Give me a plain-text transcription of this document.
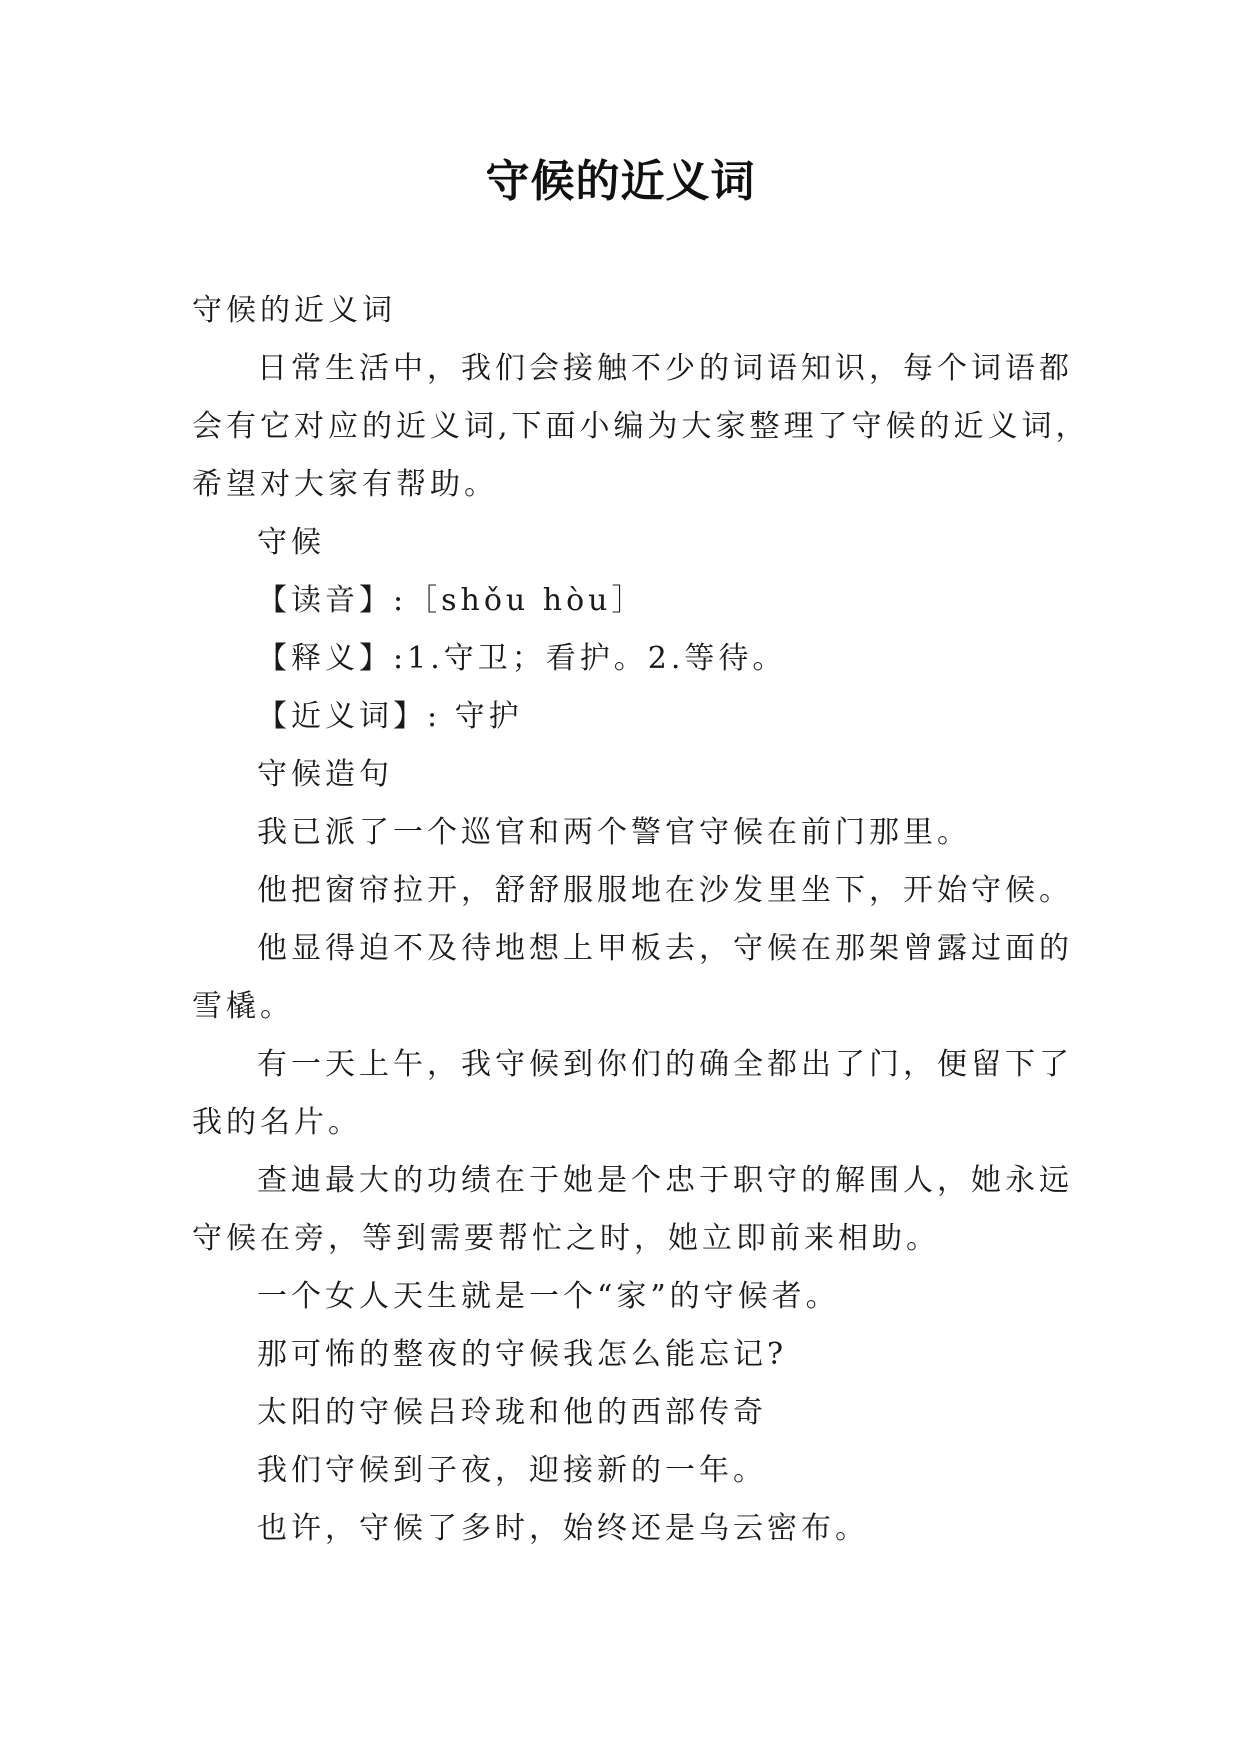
守候的近义词

守候的近义词

日常生活中，我们会接触不少的词语知识，每个词语都

会有它对应的近义词,下面小编为大家整理了守候的近义词，

希望对大家有帮助。

守候

【读音】:［shǒu hòu］

【释义】:1.守卫；看护。2.等待。

【近义词】: 守护

守候造句

我已派了一个巡官和两个警官守候在前门那里。

他把窗帘拉开，舒舒服服地在沙发里坐下，开始守候。

他显得迫不及待地想上甲板去，守候在那架曾露过面的

雪橇。

有一天上午，我守候到你们的确全都出了门，便留下了

我的名片。

查迪最大的功绩在于她是个忠于职守的解围人，她永远

守候在旁，等到需要帮忙之时，她立即前来相助。

一个女人天生就是一个“家”的守候者。

那可怖的整夜的守候我怎么能忘记?

太阳的守候吕玲珑和他的西部传奇

我们守候到子夜，迎接新的一年。

也许，守候了多时，始终还是乌云密布。
